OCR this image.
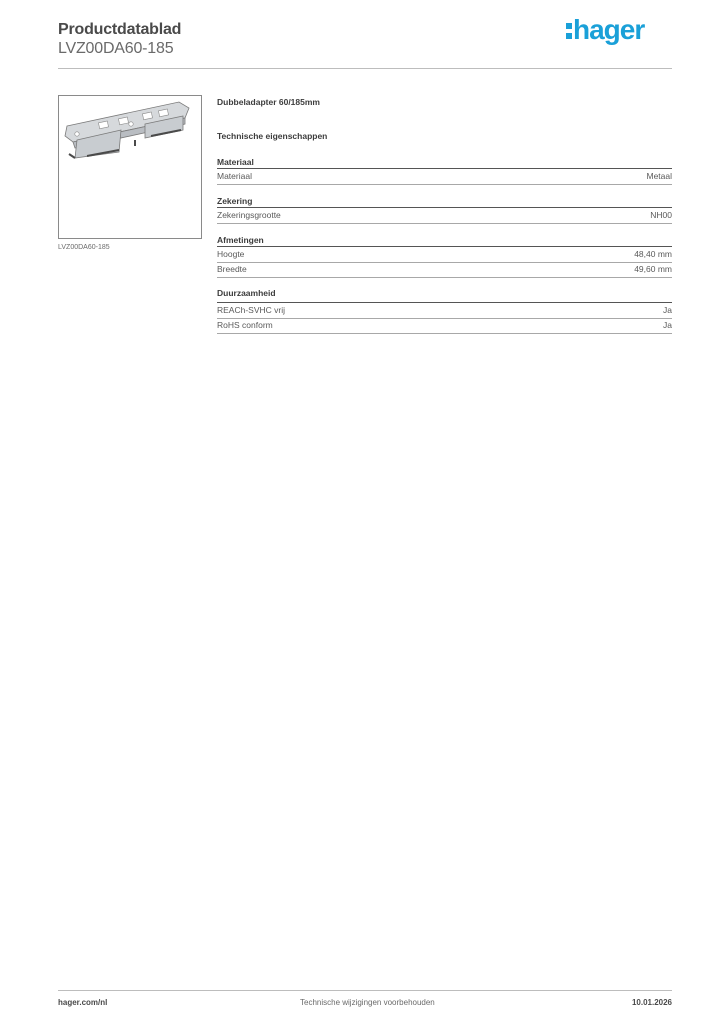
Productdatablad
LVZ00DA60-185
hager
LVZ00DA60-185
Dubbeladapter 60/185mm
Technische eigenschappen
Materiaal
Materiaal	Metaal
Zekering
Zekeringsgrootte	NH00
Afmetingen
Hoogte	48,40 mm
Breedte	49,60 mm
Duurzaamheid
REACh-SVHC vrij	Ja
RoHS conform	Ja
hager.com/nl	Technische wijzigingen voorbehouden	10.01.2026
